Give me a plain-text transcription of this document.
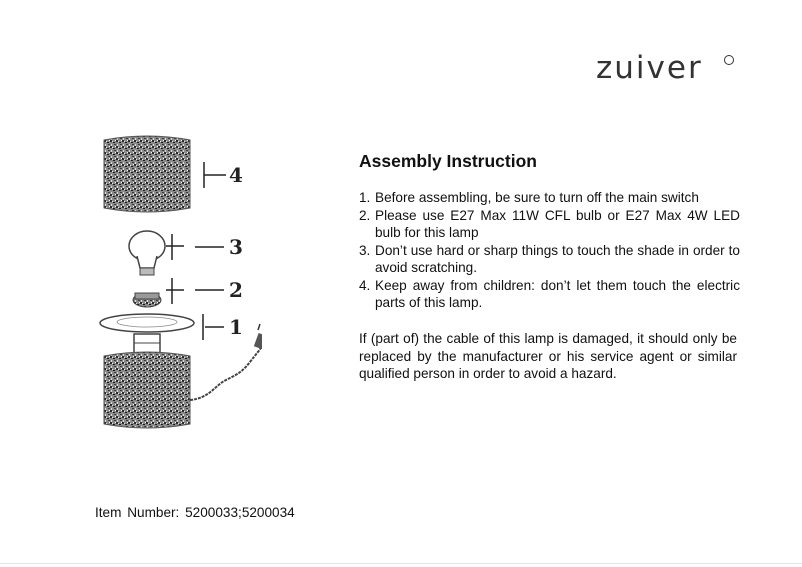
zuiver
4
3
2
1
Assembly Instruction
1. Before assembling, be sure to turn off the main switch
2. Please use E27 Max 11W CFL bulb or E27 Max 4W LED bulb for this lamp
3. Don’t use hard or sharp things to touch the shade in order to avoid scratching.
4. Keep away from children: don’t let them touch the electric parts of this lamp.

If (part of) the cable of this lamp is damaged, it should only be replaced by the manufacturer or his service agent or similar qualified person in order to avoid a hazard.

Item Number: 5200033;5200034
